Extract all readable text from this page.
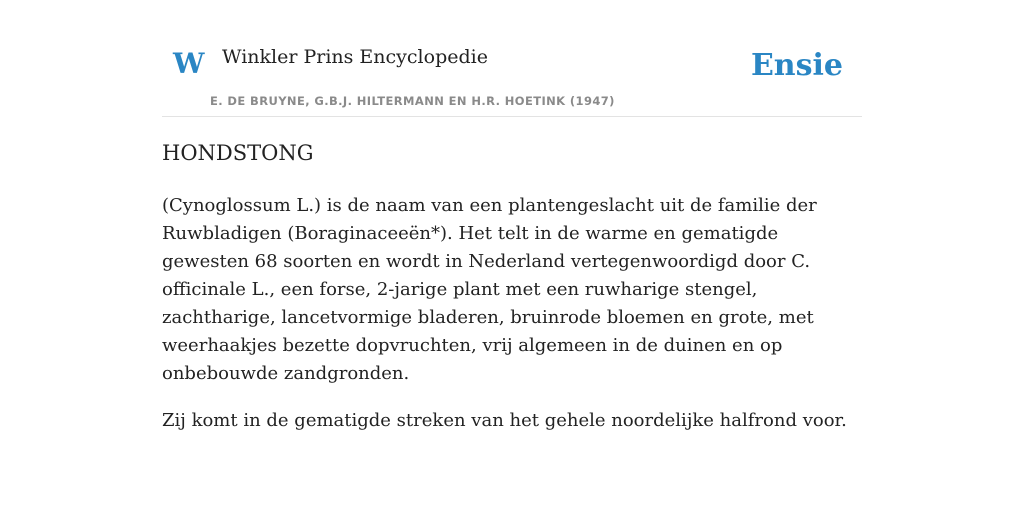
W Winkler Prins Encyclopedie
E. DE BRUYNE, G.B.J. HILTERMANN EN H.R. HOETINK (1947)
Ensie
HONDSTONG

(Cynoglossum L.) is de naam van een plantengeslacht uit de familie der Ruwbladigen (Boraginaceeën*). Het telt in de warme en gematigde gewesten 68 soorten en wordt in Nederland vertegenwoordigd door C. officinale L., een forse, 2-jarige plant met een ruwharige stengel, zachtharige, lancetvormige bladeren, bruinrode bloemen en grote, met weerhaakjes bezette dopvruchten, vrij algemeen in de duinen en op onbebouwde zandgronden.

Zij komt in de gematigde streken van het gehele noordelijke halfrond voor.
